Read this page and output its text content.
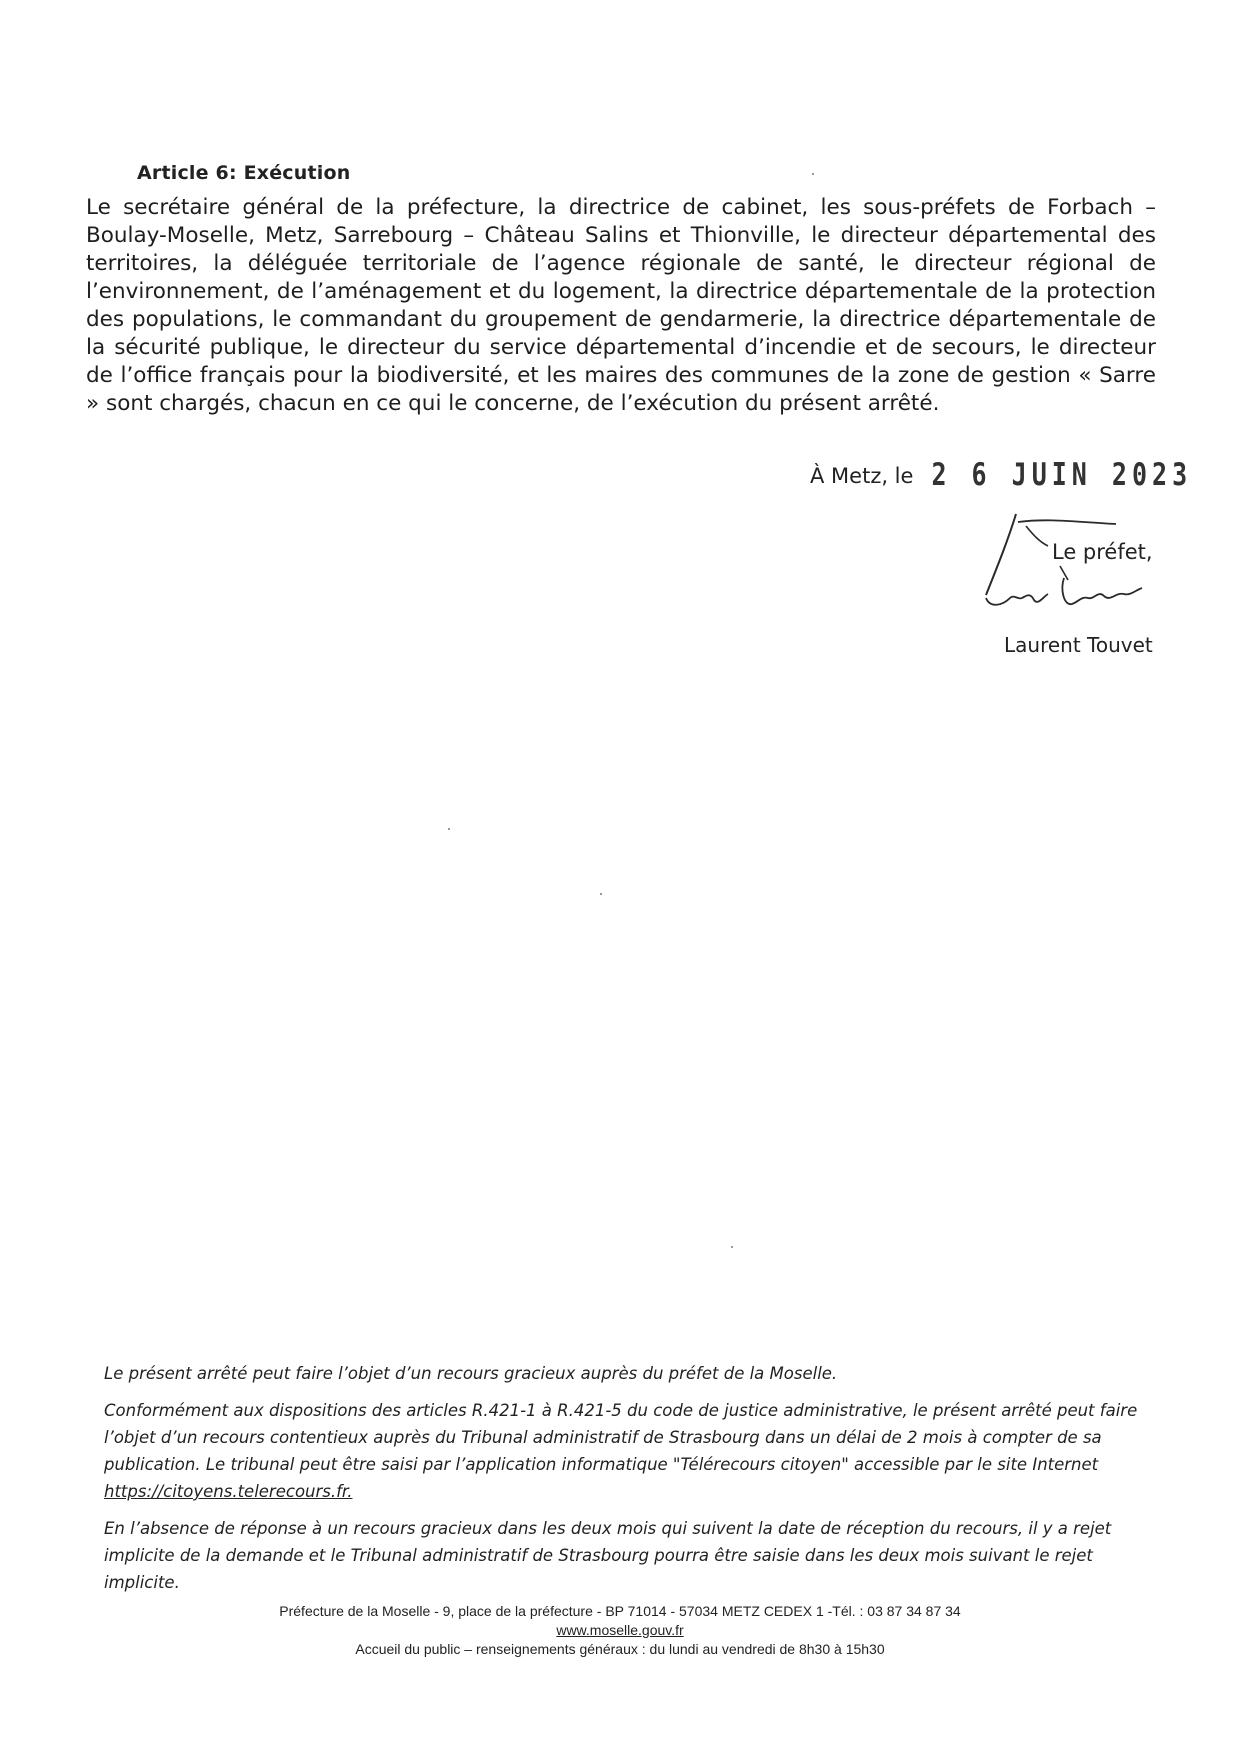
Article 6: Exécution
Le secrétaire général de la préfecture, la directrice de cabinet, les sous-préfets de Forbach – Boulay-Moselle, Metz, Sarrebourg – Château Salins et Thionville, le directeur départemental des territoires, la déléguée territoriale de l’agence régionale de santé, le directeur régional de l’environnement, de l’aménagement et du logement, la directrice départementale de la protection des populations, le commandant du groupement de gendarmerie, la directrice départementale de la sécurité publique, le directeur du service départemental d’incendie et de secours, le directeur de l’office français pour la biodiversité, et les maires des communes de la zone de gestion « Sarre » sont chargés, chacun en ce qui le concerne, de l’exécution du présent arrêté.
À Metz, le 2 6 JUIN 2023
Le préfet,
Laurent Touvet

Le présent arrêté peut faire l’objet d’un recours gracieux auprès du préfet de la Moselle.

Conformément aux dispositions des articles R.421-1 à R.421-5 du code de justice administrative, le présent arrêté peut faire l’objet d’un recours contentieux auprès du Tribunal administratif de Strasbourg dans un délai de 2 mois à compter de sa publication. Le tribunal peut être saisi par l’application informatique "Télérecours citoyen" accessible par le site Internet https://citoyens.telerecours.fr.

En l’absence de réponse à un recours gracieux dans les deux mois qui suivent la date de réception du recours, il y a rejet implicite de la demande et le Tribunal administratif de Strasbourg pourra être saisie dans les deux mois suivant le rejet implicite.

Préfecture de la Moselle - 9, place de la préfecture - BP 71014 - 57034 METZ CEDEX 1 -Tél. : 03 87 34 87 34
www.moselle.gouv.fr
Accueil du public – renseignements généraux : du lundi au vendredi de 8h30 à 15h30
